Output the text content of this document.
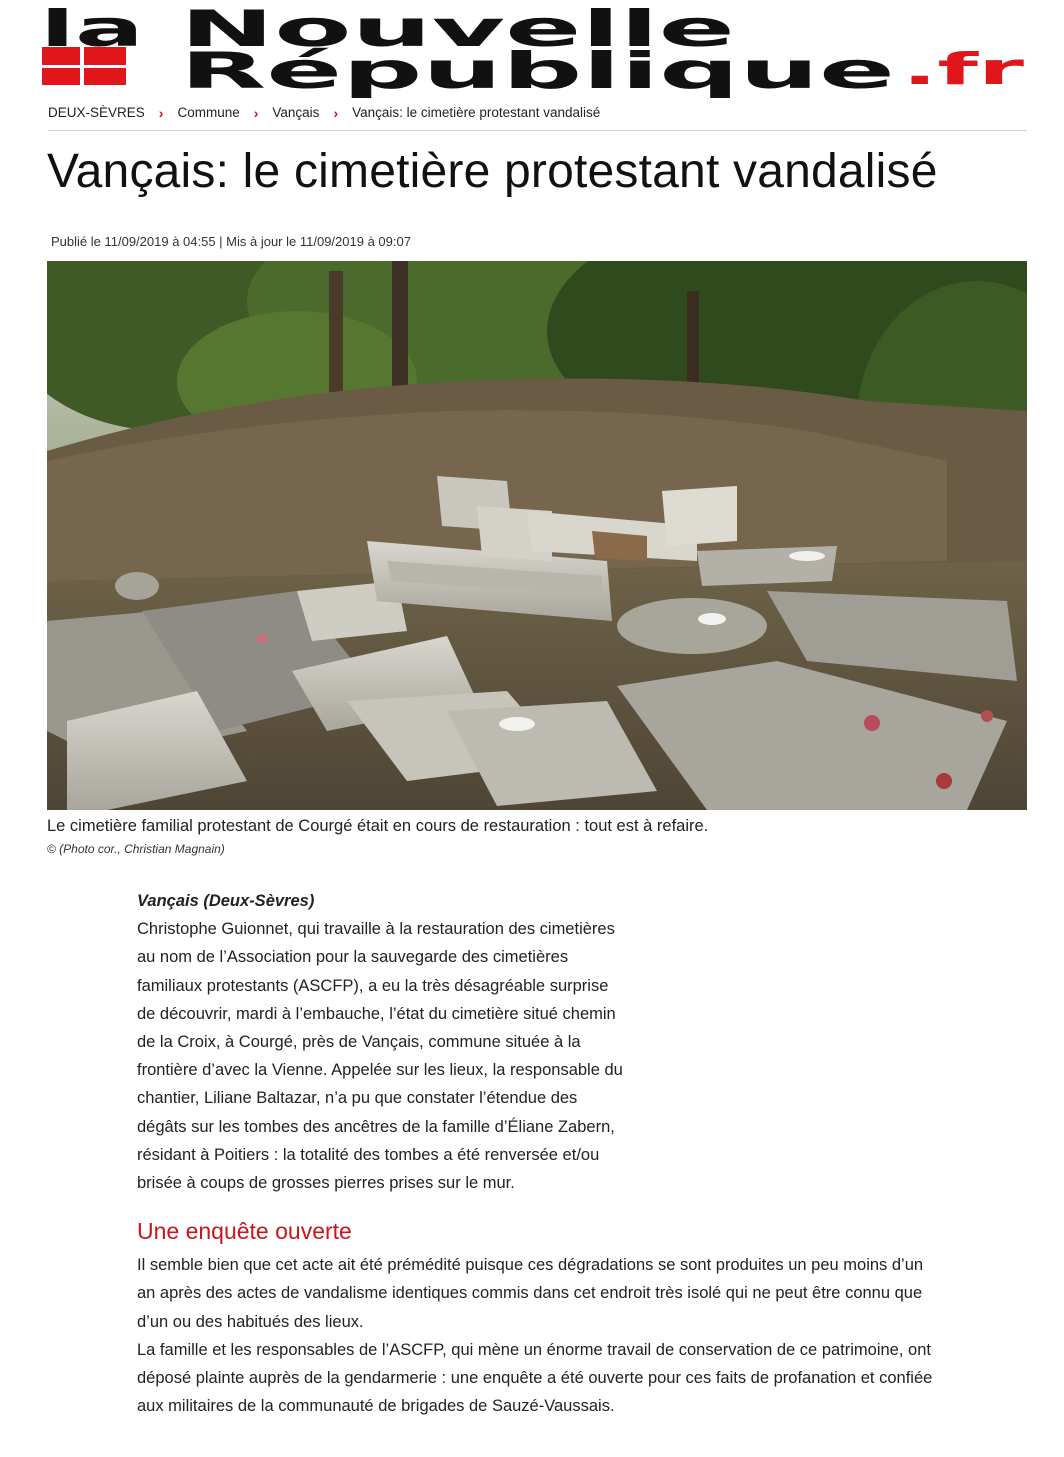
la Nouvelle
République .fr
DEUX-SÈVRES › Commune › Vançais › Vançais: le cimetière protestant vandalisé
Vançais: le cimetière protestant vandalisé
Publié le 11/09/2019 à 04:55 | Mis à jour le 11/09/2019 à 09:07
Le cimetière familial protestant de Courgé était en cours de restauration : tout est à refaire.
© (Photo cor., Christian Magnain)

Vançais (Deux-Sèvres)
Christophe Guionnet, qui travaille à la restauration des cimetières au nom de l’Association pour la sauvegarde des cimetières familiaux protestants (ASCFP), a eu la très désagréable surprise de découvrir, mardi à l’embauche, l’état du cimetière situé chemin de la Croix, à Courgé, près de Vançais, commune située à la frontière d’avec la Vienne. Appelée sur les lieux, la responsable du chantier, Liliane Baltazar, n’a pu que constater l’étendue des dégâts sur les tombes des ancêtres de la famille d’Éliane Zabern, résidant à Poitiers : la totalité des tombes a été renversée et/ou brisée à coups de grosses pierres prises sur le mur.

Une enquête ouverte

Il semble bien que cet acte ait été prémédité puisque ces dégradations se sont produites un peu moins d’un an après des actes de vandalisme identiques commis dans cet endroit très isolé qui ne peut être connu que d’un ou des habitués des lieux.

La famille et les responsables de l’ASCFP, qui mène un énorme travail de conservation de ce patrimoine, ont déposé plainte auprès de la gendarmerie : une enquête a été ouverte pour ces faits de profanation et confiée aux militaires de la communauté de brigades de Sauzé-Vaussais.
